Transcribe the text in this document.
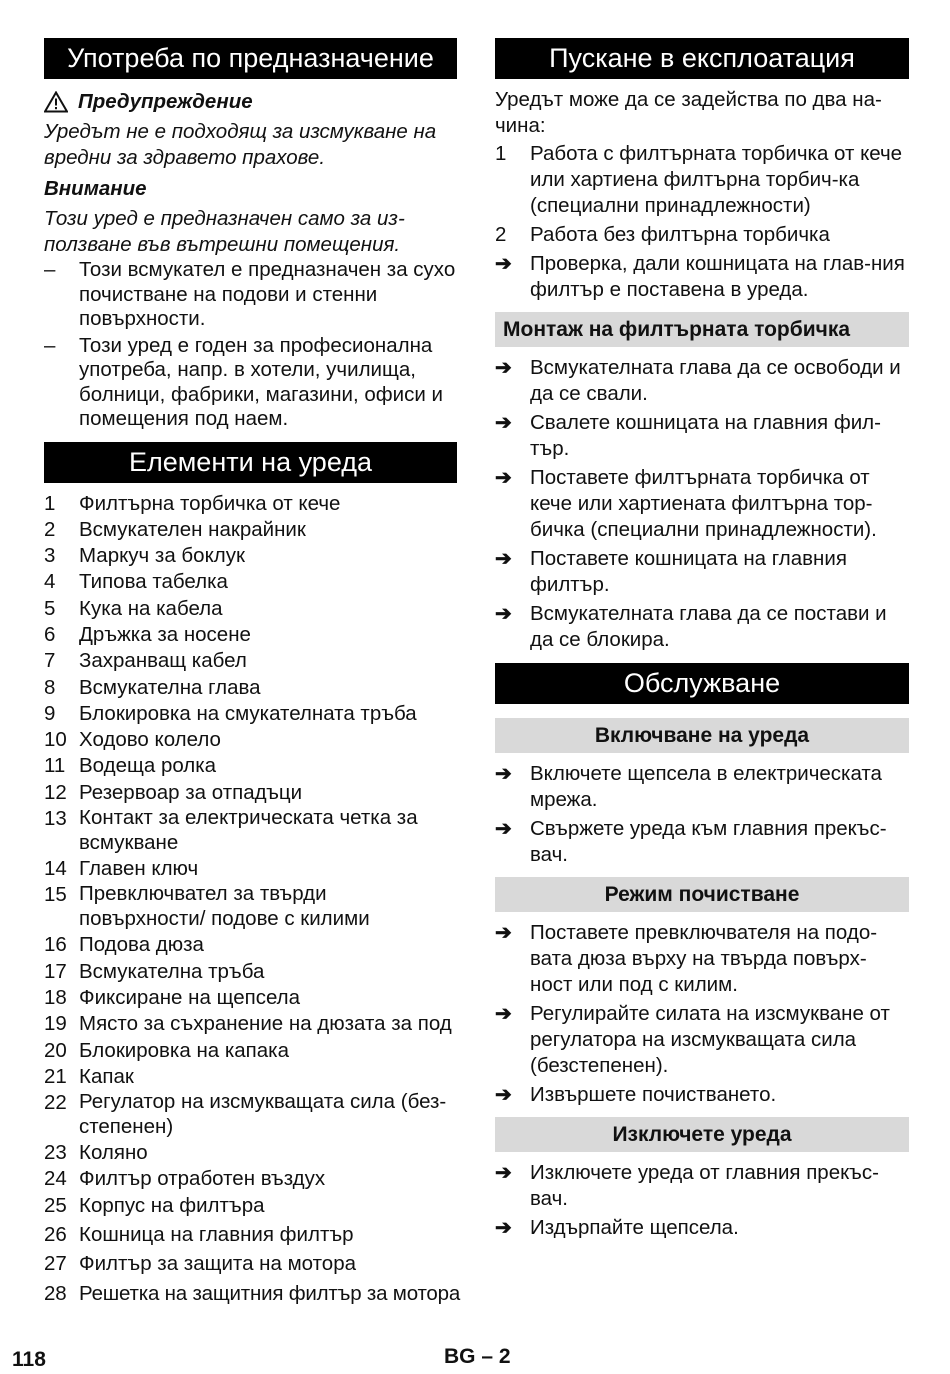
Употреба по предназначение
Предупреждение
Уредът не е подходящ за изсмукване на вредни за здравето прахове.
Внимание
Този уред е предназначен само за из-ползване във вътрешни помещения.
–	Този всмукател е предназначен за сухо почистване на подови и стенни повърхности.
–	Този уред е годен за професионална употреба, напр. в хотели, училища, болници, фабрики, магазини, офиси и помещения под наем.
Елементи на уреда
1	Филтърна торбичка от кече
2	Всмукателен накрайник
3	Маркуч за боклук
4	Типова табелка
5	Кука на кабела
6	Дръжка за носене
7	Захранващ кабел
8	Всмукателна глава
9	Блокировка на смукателната тръба
10 Ходово колело
11 Водеща ролка
12 Резервоар за отпадъци
13 Контакт за електрическата четка за всмукване
14 Главен ключ
15 Превключвател за твърди повърхности/ подове с килими
16 Подова дюза
17 Всмукателна тръба
18 Фиксиране на щепсела
19 Място за съхранение на дюзата за под
20 Блокировка на капака
21 Капак
22 Регулатор на изсмукващата сила (без-степенен)
23 Коляно
24 Филтър отработен въздух
25 Корпус на филтъра
26 Кошница на главния филтър
27 Филтър за защита на мотора
28 Решетка на защитния филтър за мотора
Пускане в експлоатация
Уредът може да се задейства по два на-чина:
1	Работа с филтърната торбичка от кече или хартиена филтърна торбич-ка (специални принадлежности)
2	Работа без филтърна торбичка
➔ Проверка, дали кошницата на глав-ния филтър е поставена в уреда.
Монтаж на филтърната торбичка
➔ Всмукателната глава да се освободи и да се свали.
➔ Свалете кошницата на главния фил-тър.
➔ Поставете филтърната торбичка от кече или хартиената филтърна тор-бичка (специални принадлежности).
➔ Поставете кошницата на главния филтър.
➔ Всмукателната глава да се постави и да се блокира.
Обслужване
Включване на уреда
➔ Включете щепсела в електрическата мрежа.
➔ Свържете уреда към главния прекъс-вач.
Режим почистване
➔ Поставете превключвателя на подо-вата дюза върху на твърда повърх-ност или под с килим.
➔ Регулирайте силата на изсмукване от регулатора на изсмукващата сила (безстепенен).
➔ Извършете почистването.
Изключете уреда
➔ Изключете уреда от главния прекъс-вач.
➔ Издърпайте щепсела.
118	BG – 2
